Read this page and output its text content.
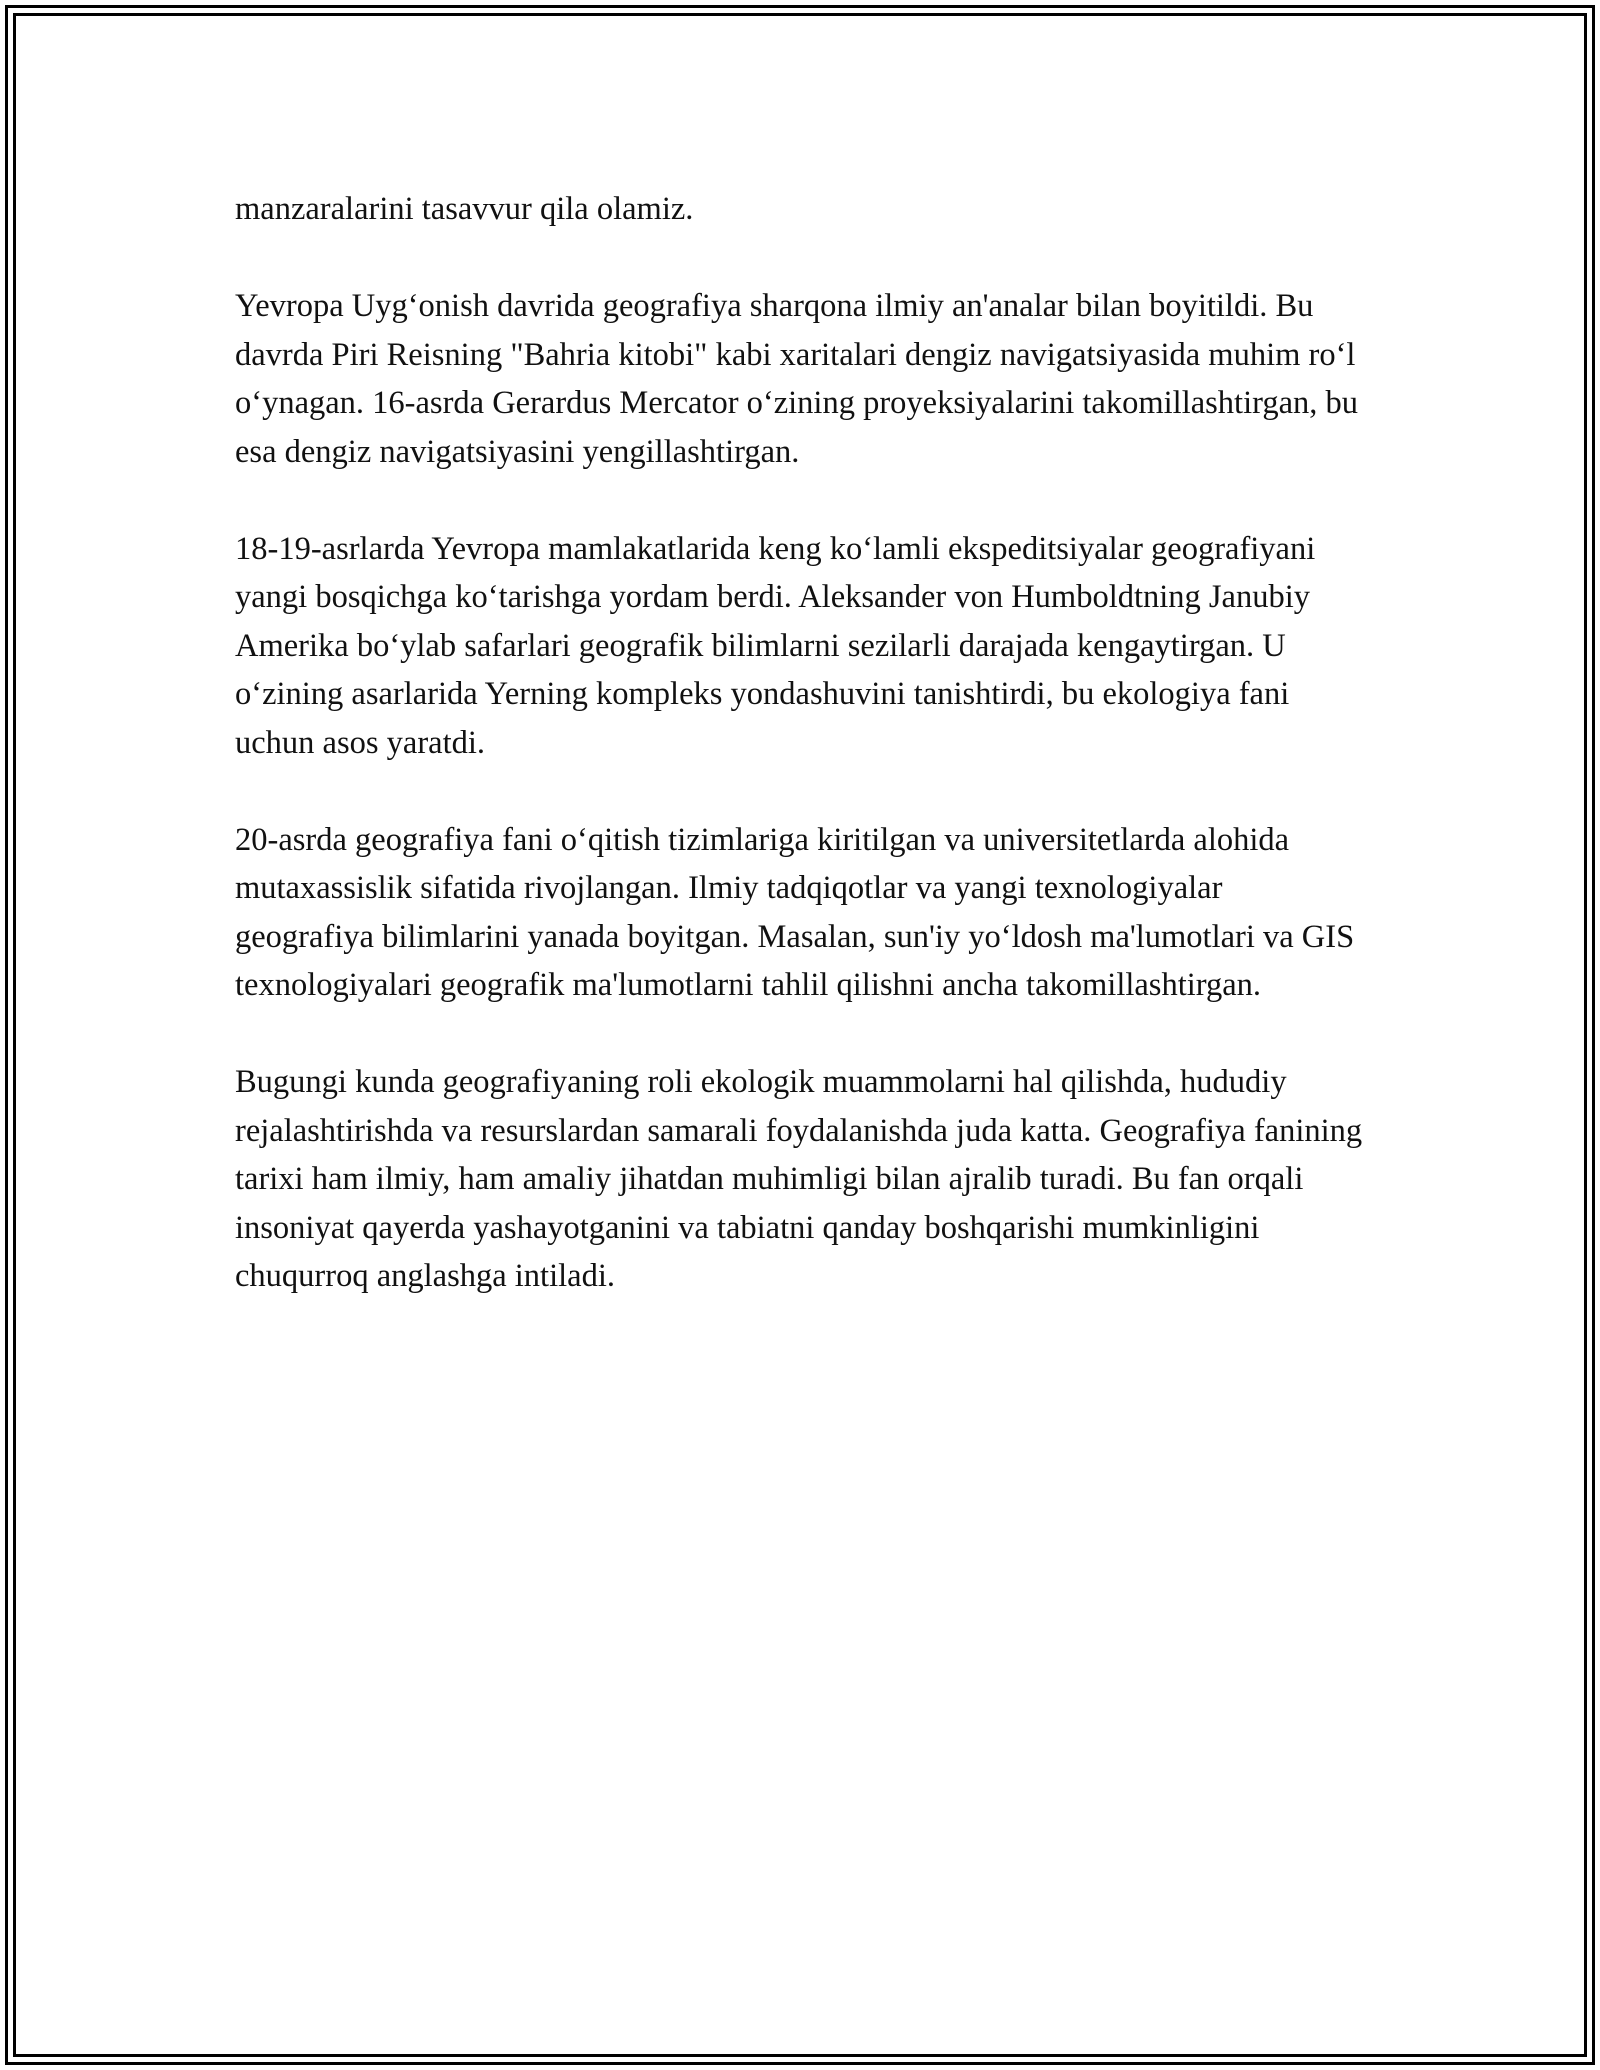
manzaralarini tasavvur qila olamiz.

Yevropa Uyg‘onish davrida geografiya sharqona ilmiy an'analar bilan boyitildi. Bu davrda Piri Reisning "Bahria kitobi" kabi xaritalari dengiz navigatsiyasida muhim ro‘l o‘ynagan. 16-asrda Gerardus Mercator o‘zining proyeksiyalarini takomillashtirgan, bu esa dengiz navigatsiyasini yengillashtirgan.

18-19-asrlarda Yevropa mamlakatlarida keng ko‘lamli ekspeditsiyalar geografiyani yangi bosqichga ko‘tarishga yordam berdi. Aleksander von Humboldtning Janubiy Amerika bo‘ylab safarlari geografik bilimlarni sezilarli darajada kengaytirgan. U o‘zining asarlarida Yerning kompleks yondashuvini tanishtirdi, bu ekologiya fani uchun asos yaratdi.

20-asrda geografiya fani o‘qitish tizimlariga kiritilgan va universitetlarda alohida mutaxassislik sifatida rivojlangan. Ilmiy tadqiqotlar va yangi texnologiyalar geografiya bilimlarini yanada boyitgan. Masalan, sun'iy yo‘ldosh ma'lumotlari va GIS texnologiyalari geografik ma'lumotlarni tahlil qilishni ancha takomillashtirgan.

Bugungi kunda geografiyaning roli ekologik muammolarni hal qilishda, hududiy rejalashtirishda va resurslardan samarali foydalanishda juda katta. Geografiya fanining tarixi ham ilmiy, ham amaliy jihatdan muhimligi bilan ajralib turadi. Bu fan orqali insoniyat qayerda yashayotganini va tabiatni qanday boshqarishi mumkinligini chuqurroq anglashga intiladi.
